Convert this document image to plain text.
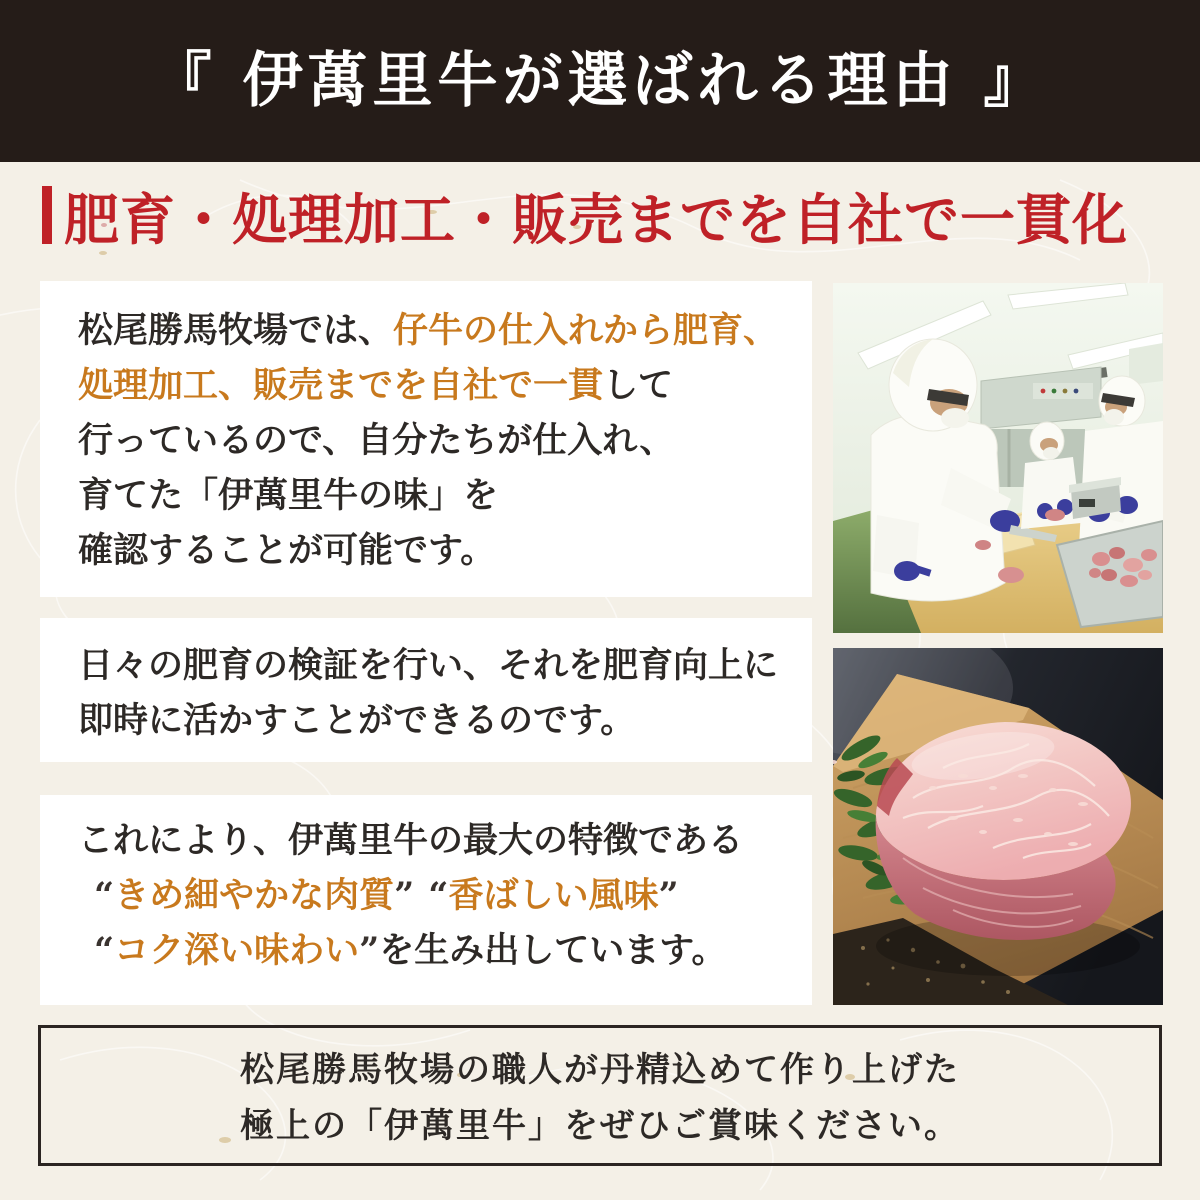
『 伊萬里牛が選ばれる理由 』
肥育・処理加工・販売までを自社で一貫化

松尾勝馬牧場では、仔牛の仕入れから肥育、

処理加工、販売までを自社で一貫して

行っているので、自分たちが仕入れ、

育てた「伊萬里牛の味」を

確認することが可能です。

日々の肥育の検証を行い、それを肥育向上に

即時に活かすことができるのです。

これにより、伊萬里牛の最大の特徴である

“きめ細やかな肉質” “香ばしい風味”

“コク深い味わい”を生み出しています。

松尾勝馬牧場の職人が丹精込めて作り上げた

極上の「伊萬里牛」をぜひご賞味ください。
